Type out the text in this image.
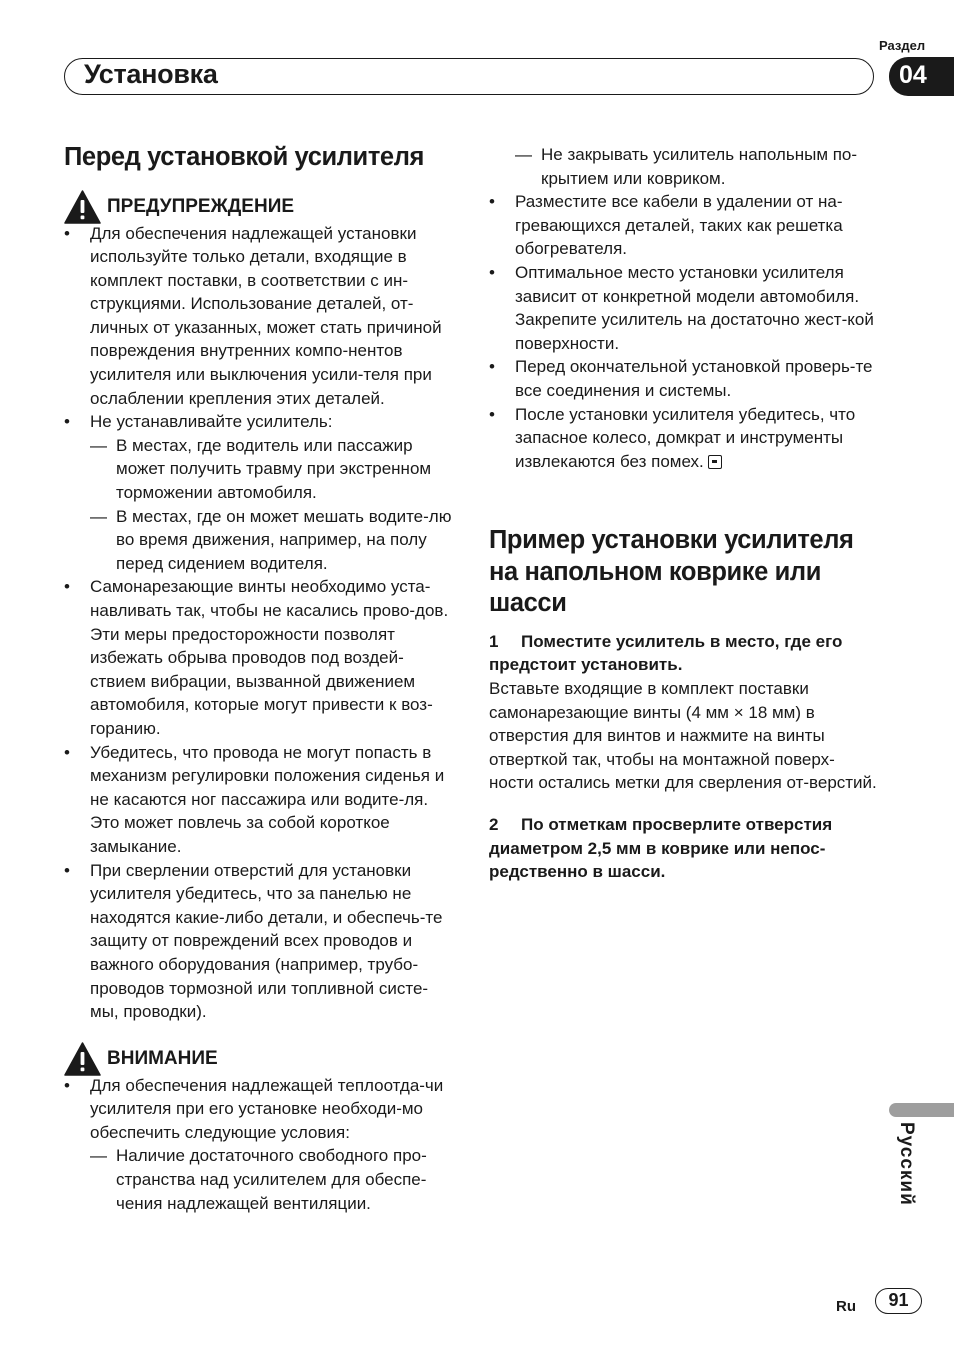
Раздел
Установка	04
Перед установкой усилителя
ПРЕДУПРЕЖДЕНИЕ
• Для обеспечения надлежащей установки используйте только детали, входящие в комплект поставки, в соответствии с ин-струкциями. Использование деталей, от-личных от указанных, может стать причиной повреждения внутренних компо-нентов усилителя или выключения усили-теля при ослаблении крепления этих деталей.
• Не устанавливайте усилитель:
— В местах, где водитель или пассажир может получить травму при экстренном торможении автомобиля.
— В местах, где он может мешать водите-лю во время движения, например, на полу перед сидением водителя.
• Самонарезающие винты необходимо уста-навливать так, чтобы не касались прово-дов. Эти меры предосторожности позволят избежать обрыва проводов под воздей-ствием вибрации, вызванной движением автомобиля, которые могут привести к воз-горанию.
• Убедитесь, что провода не могут попасть в механизм регулировки положения сиденья и не касаются ног пассажира или водите-ля. Это может повлечь за собой короткое замыкание.
• При сверлении отверстий для установки усилителя убедитесь, что за панелью не находятся какие-либо детали, и обеспечь-те защиту от повреждений всех проводов и важного оборудования (например, трубо-проводов тормозной или топливной систе-мы, проводки).
ВНИМАНИЕ
• Для обеспечения надлежащей теплоотда-чи усилителя при его установке необходи-мо обеспечить следующие условия:
— Наличие достаточного свободного про-странства над усилителем для обеспе-чения надлежащей вентиляции.
— Не закрывать усилитель напольным по-крытием или ковриком.
• Разместите все кабели в удалении от на-гревающихся деталей, таких как решетка обогревателя.
• Оптимальное место установки усилителя зависит от конкретной модели автомобиля. Закрепите усилитель на достаточно жест-кой поверхности.
• Перед окончательной установкой проверь-те все соединения и системы.
• После установки усилителя убедитесь, что запасное колесо, домкрат и инструменты извлекаются без помех.
Пример установки усилителя на напольном коврике или шасси
1 Поместите усилитель в место, где его предстоит установить.
Вставьте входящие в комплект поставки самонарезающие винты (4 мм × 18 мм) в отверстия для винтов и нажмите на винты отверткой так, чтобы на монтажной поверх-ности остались метки для сверления от-верстий.
2 По отметкам просверлите отверстия диаметром 2,5 мм в коврике или непос-редственно в шасси.
Русский
Ru	91
